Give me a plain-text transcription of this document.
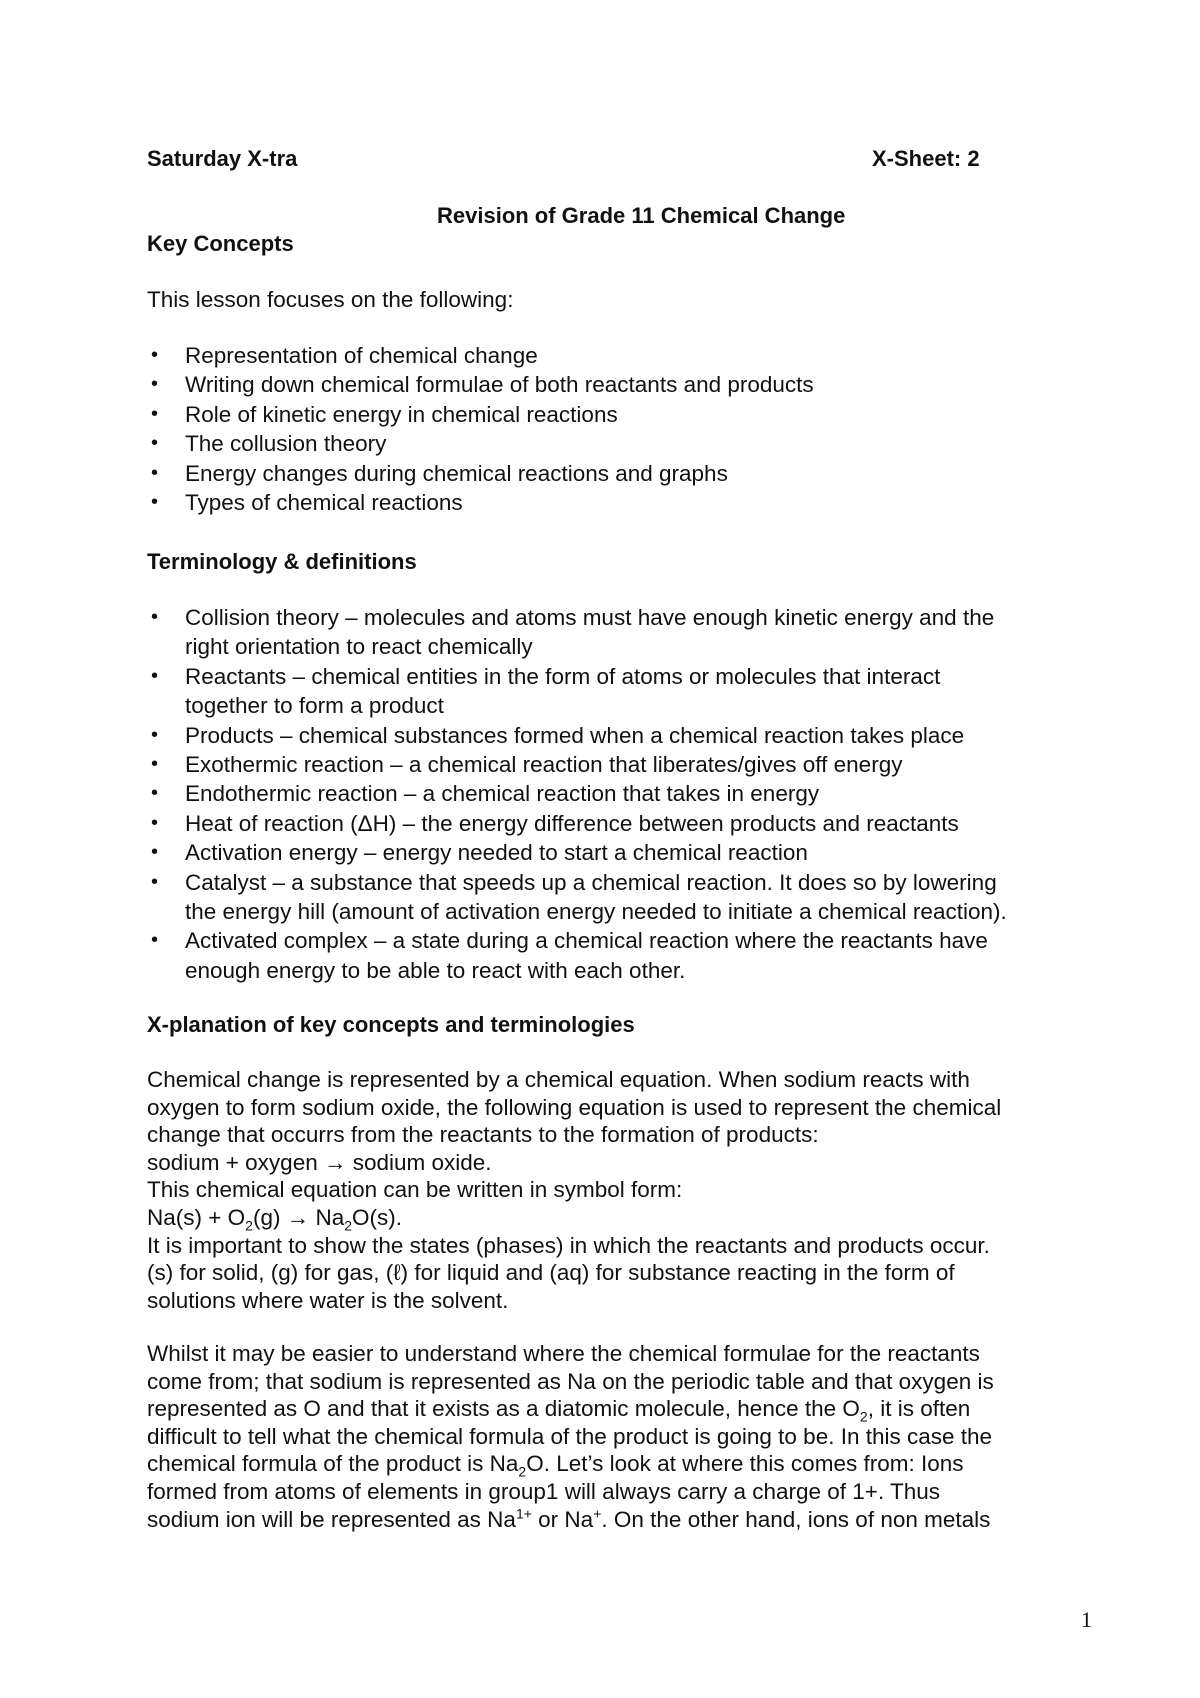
Saturday X-tra	X-Sheet: 2
Revision of Grade 11 Chemical Change
Key Concepts
This lesson focuses on the following:
• Representation of chemical change
• Writing down chemical formulae of both reactants and products
• Role of kinetic energy in chemical reactions
• The collusion theory
• Energy changes during chemical reactions and graphs
• Types of chemical reactions
Terminology & definitions
• Collision theory – molecules and atoms must have enough kinetic energy and the
right orientation to react chemically
• Reactants – chemical entities in the form of atoms or molecules that interact
together to form a product
• Products – chemical substances formed when a chemical reaction takes place
• Exothermic reaction – a chemical reaction that liberates/gives off energy
• Endothermic reaction – a chemical reaction that takes in energy
• Heat of reaction (ΔH) – the energy difference between products and reactants
• Activation energy – energy needed to start a chemical reaction
• Catalyst – a substance that speeds up a chemical reaction. It does so by lowering
the energy hill (amount of activation energy needed to initiate a chemical reaction).
• Activated complex – a state during a chemical reaction where the reactants have
enough energy to be able to react with each other.
X-planation of key concepts and terminologies
Chemical change is represented by a chemical equation. When sodium reacts with
oxygen to form sodium oxide, the following equation is used to represent the chemical
change that occurrs from the reactants to the formation of products:
sodium + oxygen → sodium oxide.
This chemical equation can be written in symbol form:
$Na(s) + O_2(g) \to Na_2O(s)$.
It is important to show the states (phases) in which the reactants and products occur.
(s) for solid, (g) for gas, (ℓ) for liquid and (aq) for substance reacting in the form of
solutions where water is the solvent.
Whilst it may be easier to understand where the chemical formulae for the reactants
come from; that sodium is represented as Na on the periodic table and that oxygen is
represented as O and that it exists as a diatomic molecule, hence the $O_2$, it is often
difficult to tell what the chemical formula of the product is going to be. In this case the
chemical formula of the product is $Na_2O$. Let’s look at where this comes from: Ions
formed from atoms of elements in group1 will always carry a charge of 1+. Thus
sodium ion will be represented as $Na^{1+}$ or Na+. On the other hand, ions of non metals
1
